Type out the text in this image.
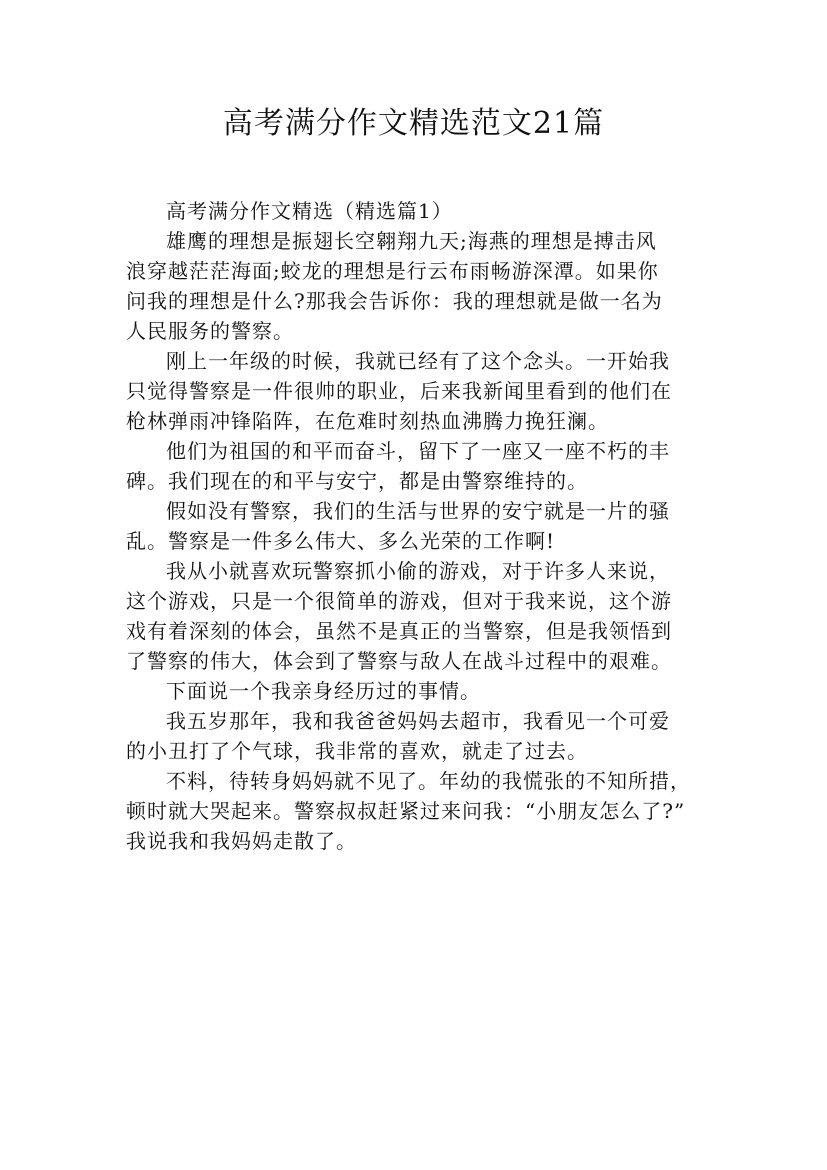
高考满分作文精选范文21篇

高考满分作文精选（精选篇1）

雄鹰的理想是振翅长空翱翔九天;海燕的理想是搏击风
浪穿越茫茫海面;蛟龙的理想是行云布雨畅游深潭。如果你
问我的理想是什么?那我会告诉你：我的理想就是做一名为
人民服务的警察。

刚上一年级的时候，我就已经有了这个念头。一开始我
只觉得警察是一件很帅的职业，后来我新闻里看到的他们在
枪林弹雨冲锋陷阵，在危难时刻热血沸腾力挽狂澜。

他们为祖国的和平而奋斗，留下了一座又一座不朽的丰
碑。我们现在的和平与安宁，都是由警察维持的。

假如没有警察，我们的生活与世界的安宁就是一片的骚
乱。警察是一件多么伟大、多么光荣的工作啊!

我从小就喜欢玩警察抓小偷的游戏，对于许多人来说，
这个游戏，只是一个很简单的游戏，但对于我来说，这个游
戏有着深刻的体会，虽然不是真正的当警察，但是我领悟到
了警察的伟大，体会到了警察与敌人在战斗过程中的艰难。

下面说一个我亲身经历过的事情。

我五岁那年，我和我爸爸妈妈去超市，我看见一个可爱
的小丑打了个气球，我非常的喜欢，就走了过去。

不料，待转身妈妈就不见了。年幼的我慌张的不知所措，
顿时就大哭起来。警察叔叔赶紧过来问我：“小朋友怎么了?”
我说我和我妈妈走散了。
